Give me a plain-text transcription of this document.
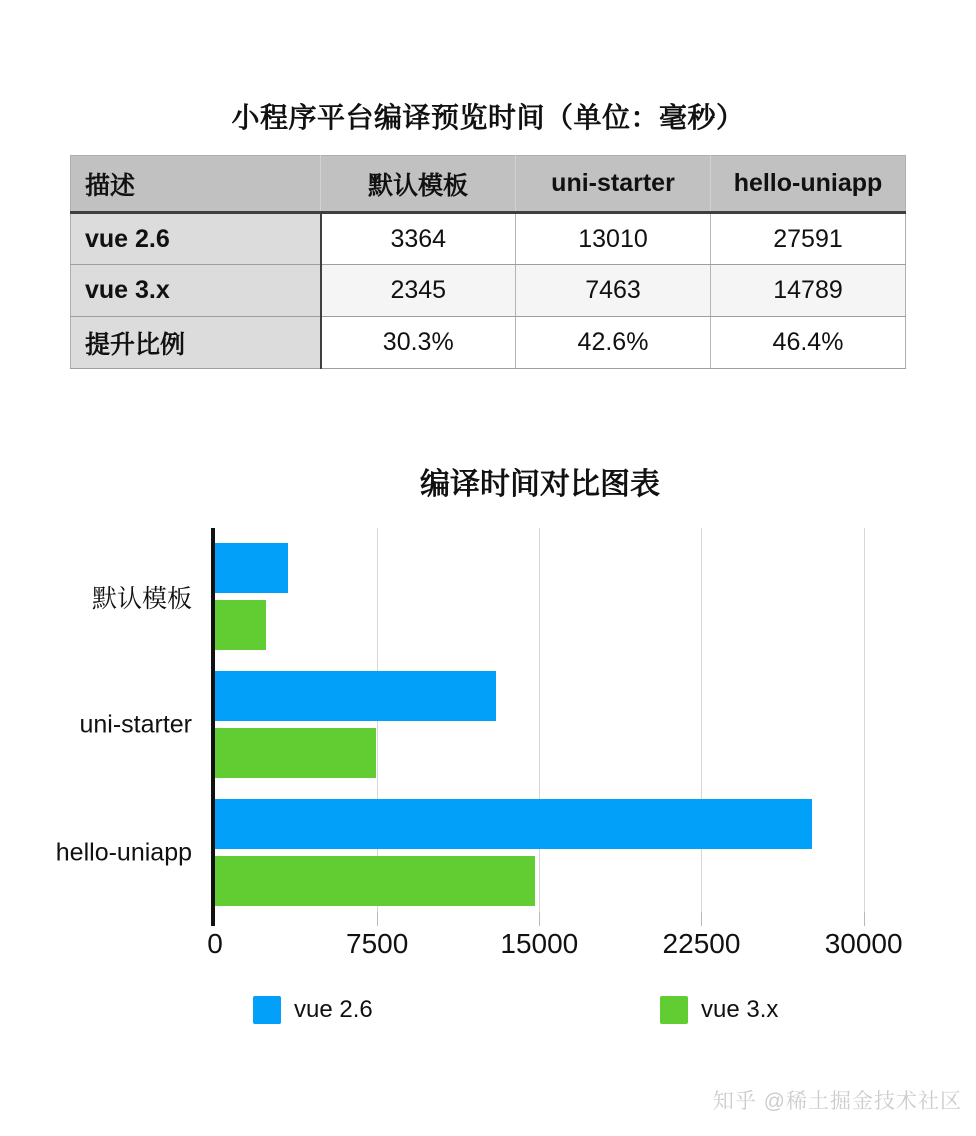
小程序平台编译预览时间（单位：毫秒）
描述	默认模板	uni-starter	hello-uniapp
vue 2.6	3364	13010	27591
vue 3.x	2345	7463	14789
提升比例	30.3%	42.6%	46.4%
编译时间对比图表
知乎 @稀土掘金技术社区
0	7500	15000	22500	30000
默认模板
uni-starter
hello-uniapp
vue 2.6	vue 3.x
